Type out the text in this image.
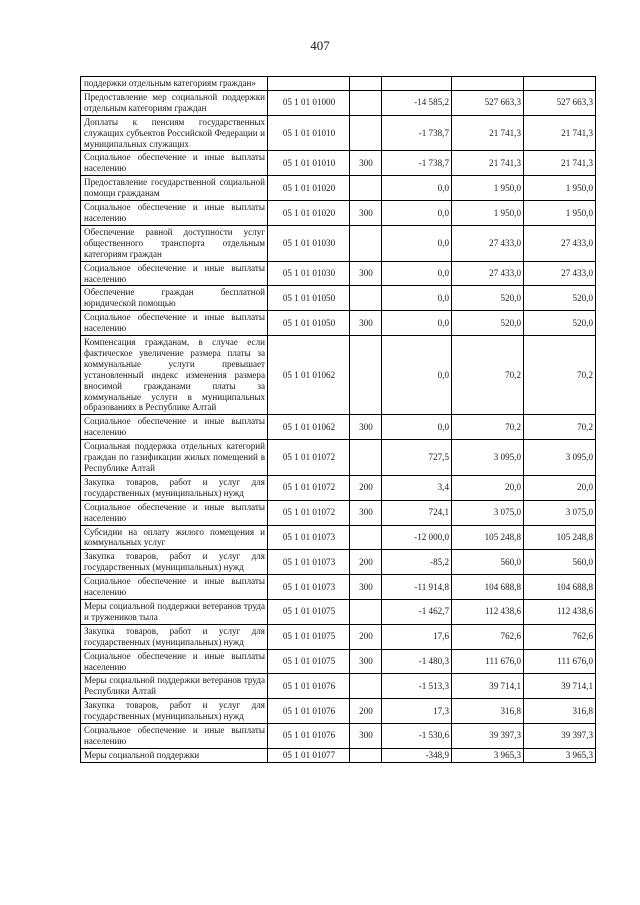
407
поддержки отдельным категориям граждан»					
Предоставление мер социальной поддержки отдельным категориям граждан	05 1 01 01000		-14 585,2	527 663,3	527 663,3
Доплаты к пенсиям государственных служащих субъектов Российской Федерации и муниципальных служащих	05 1 01 01010		-1 738,7	21 741,3	21 741,3
Социальное обеспечение и иные выплаты населению	05 1 01 01010	300	-1 738,7	21 741,3	21 741,3
Предоставление государственной социальной помощи гражданам	05 1 01 01020		0,0	1 950,0	1 950,0
Социальное обеспечение и иные выплаты населению	05 1 01 01020	300	0,0	1 950,0	1 950,0
Обеспечение равной доступности услуг общественного транспорта отдельным категориям граждан	05 1 01 01030		0,0	27 433,0	27 433,0
Социальное обеспечение и иные выплаты населению	05 1 01 01030	300	0,0	27 433,0	27 433,0
Обеспечение граждан бесплатной юридической помощью	05 1 01 01050		0,0	520,0	520,0
Социальное обеспечение и иные выплаты населению	05 1 01 01050	300	0,0	520,0	520,0
Компенсация гражданам, в случае если фактическое увеличение размера платы за коммунальные услуги превышает установленный индекс изменения размера вносимой гражданами платы за коммунальные услуги в муниципальных образованиях в Республике Алтай	05 1 01 01062		0,0	70,2	70,2
Социальное обеспечение и иные выплаты населению	05 1 01 01062	300	0,0	70,2	70,2
Социальная поддержка отдельных категорий граждан по газификации жилых помещений в Республике Алтай	05 1 01 01072		727,5	3 095,0	3 095,0
Закупка товаров, работ и услуг для государственных (муниципальных) нужд	05 1 01 01072	200	3,4	20,0	20,0
Социальное обеспечение и иные выплаты населению	05 1 01 01072	300	724,1	3 075,0	3 075,0
Субсидии на оплату жилого помещения и коммунальных услуг	05 1 01 01073		-12 000,0	105 248,8	105 248,8
Закупка товаров, работ и услуг для государственных (муниципальных) нужд	05 1 01 01073	200	-85,2	560,0	560,0
Социальное обеспечение и иные выплаты населению	05 1 01 01073	300	-11 914,8	104 688,8	104 688,8
Меры социальной поддержки ветеранов труда и тружеников тыла	05 1 01 01075		-1 462,7	112 438,6	112 438,6
Закупка товаров, работ и услуг для государственных (муниципальных) нужд	05 1 01 01075	200	17,6	762,6	762,6
Социальное обеспечение и иные выплаты населению	05 1 01 01075	300	-1 480,3	111 676,0	111 676,0
Меры социальной поддержки ветеранов труда Республики Алтай	05 1 01 01076		-1 513,3	39 714,1	39 714,1
Закупка товаров, работ и услуг для государственных (муниципальных) нужд	05 1 01 01076	200	17,3	316,8	316,8
Социальное обеспечение и иные выплаты населению	05 1 01 01076	300	-1 530,6	39 397,3	39 397,3
Меры социальной поддержки	05 1 01 01077		-348,9	3 965,3	3 965,3
